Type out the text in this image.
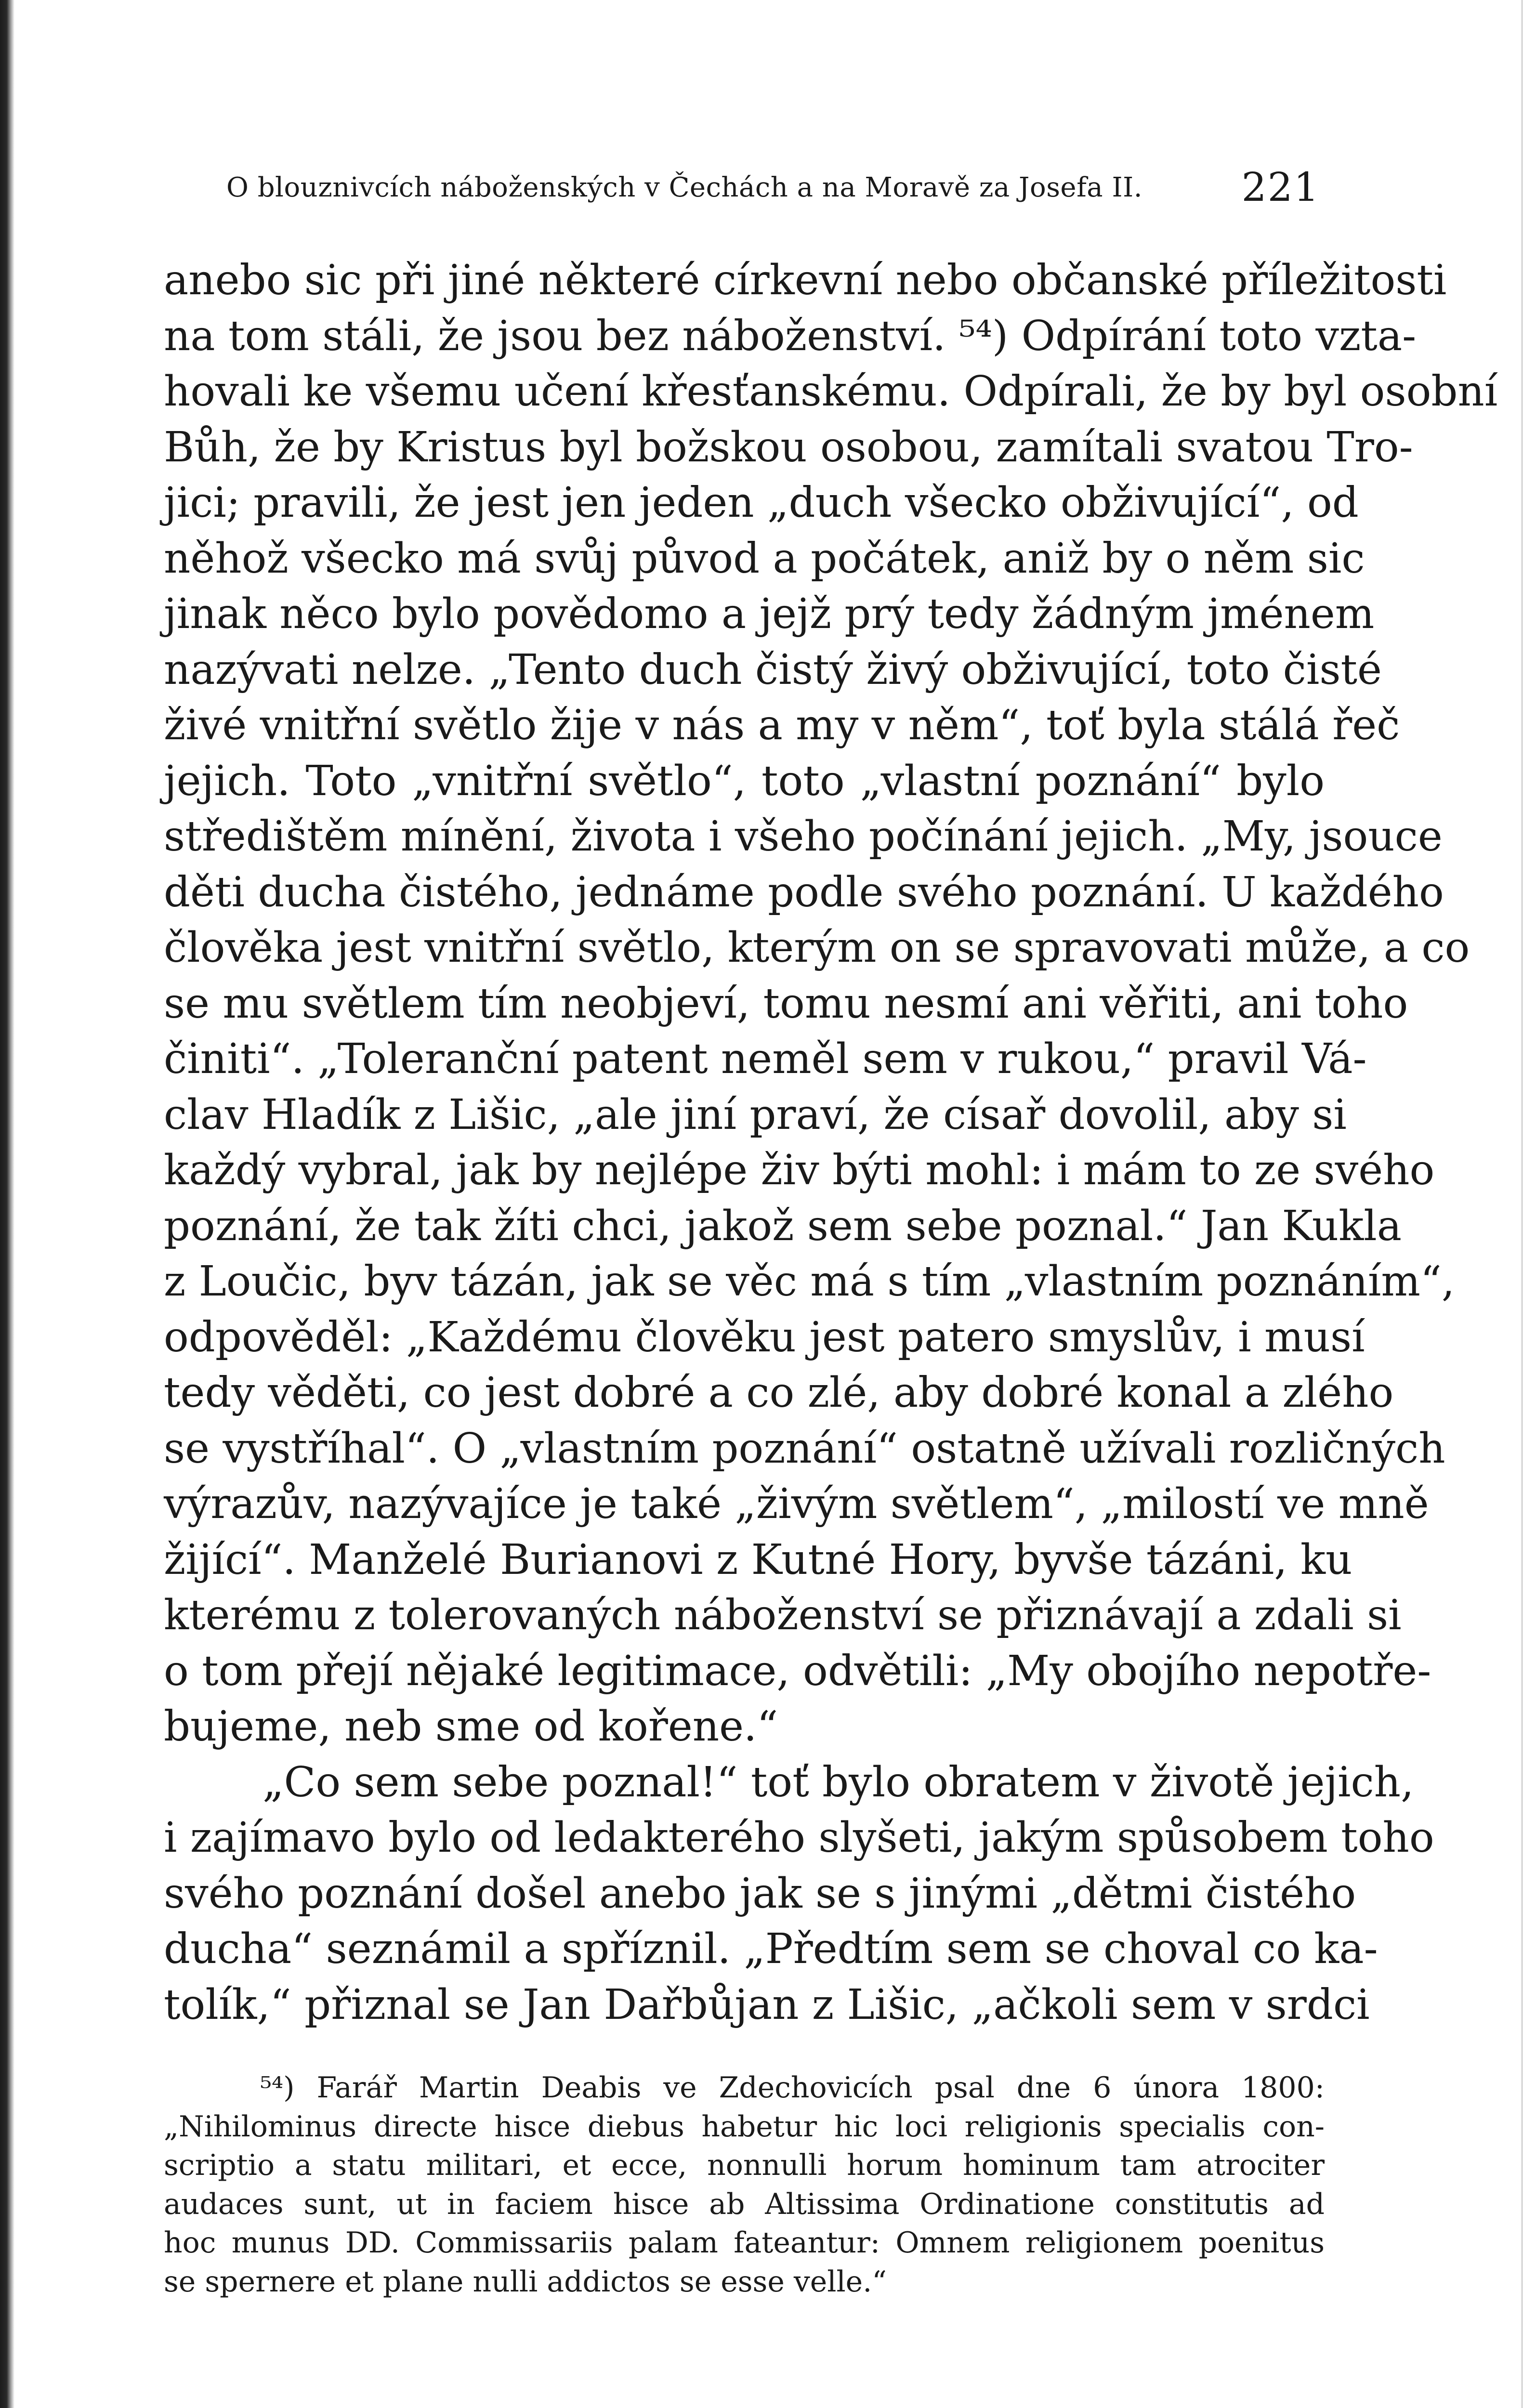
O blouznivcích náboženských v Čechách a na Moravě za Josefa II.	221
anebo sic při jiné některé církevní nebo občanské příležitosti
na tom stáli, že jsou bez náboženství. ⁵⁴) Odpírání toto vzta-
hovali ke všemu učení křesťanskému. Odpírali, že by byl osobní
Bůh, že by Kristus byl božskou osobou, zamítali svatou Tro-
jici; pravili, že jest jen jeden „duch všecko obživující“, od
něhož všecko má svůj původ a počátek, aniž by o něm sic
jinak něco bylo povědomo a jejž prý tedy žádným jménem
nazývati nelze. „Tento duch čistý živý obživující, toto čisté
živé vnitřní světlo žije v nás a my v něm“, toť byla stálá řeč
jejich. Toto „vnitřní světlo“, toto „vlastní poznání“ bylo
středištěm mínění, života i všeho počínání jejich. „My, jsouce
děti ducha čistého, jednáme podle svého poznání. U každého
člověka jest vnitřní světlo, kterým on se spravovati může, a co
se mu světlem tím neobjeví, tomu nesmí ani věřiti, ani toho
činiti“. „Toleranční patent neměl sem v rukou,“ pravil Vá-
clav Hladík z Lišic, „ale jiní praví, že císař dovolil, aby si
každý vybral, jak by nejlépe živ býti mohl: i mám to ze svého
poznání, že tak žíti chci, jakož sem sebe poznal.“ Jan Kukla
z Loučic, byv tázán, jak se věc má s tím „vlastním poznáním“,
odpověděl: „Každému člověku jest patero smyslův, i musí
tedy věděti, co jest dobré a co zlé, aby dobré konal a zlého
se vystříhal“. O „vlastním poznání“ ostatně užívali rozličných
výrazův, nazývajíce je také „živým světlem“, „milostí ve mně
žijící“. Manželé Burianovi z Kutné Hory, byvše tázáni, ku
kterému z tolerovaných náboženství se přiznávají a zdali si
o tom přejí nějaké legitimace, odvětili: „My obojího nepotře-
bujeme, neb sme od kořene.“
„Co sem sebe poznal!“ toť bylo obratem v životě jejich,
i zajímavo bylo od ledakterého slyšeti, jakým spůsobem toho
svého poznání došel anebo jak se s jinými „dětmi čistého
ducha“ seznámil a spříznil. „Předtím sem se choval co ka-
tolík,“ přiznal se Jan Dařbůjan z Lišic, „ačkoli sem v srdci
⁵⁴) Farář Martin Deabis ve Zdechovicích psal dne 6 února 1800:
„Nihilominus directe hisce diebus habetur hic loci religionis specialis con-
scriptio a statu militari, et ecce, nonnulli horum hominum tam atrociter
audaces sunt, ut in faciem hisce ab Altissima Ordinatione constitutis ad
hoc munus DD. Commissariis palam fateantur: Omnem religionem poenitus
se spernere et plane nulli addictos se esse velle.“
